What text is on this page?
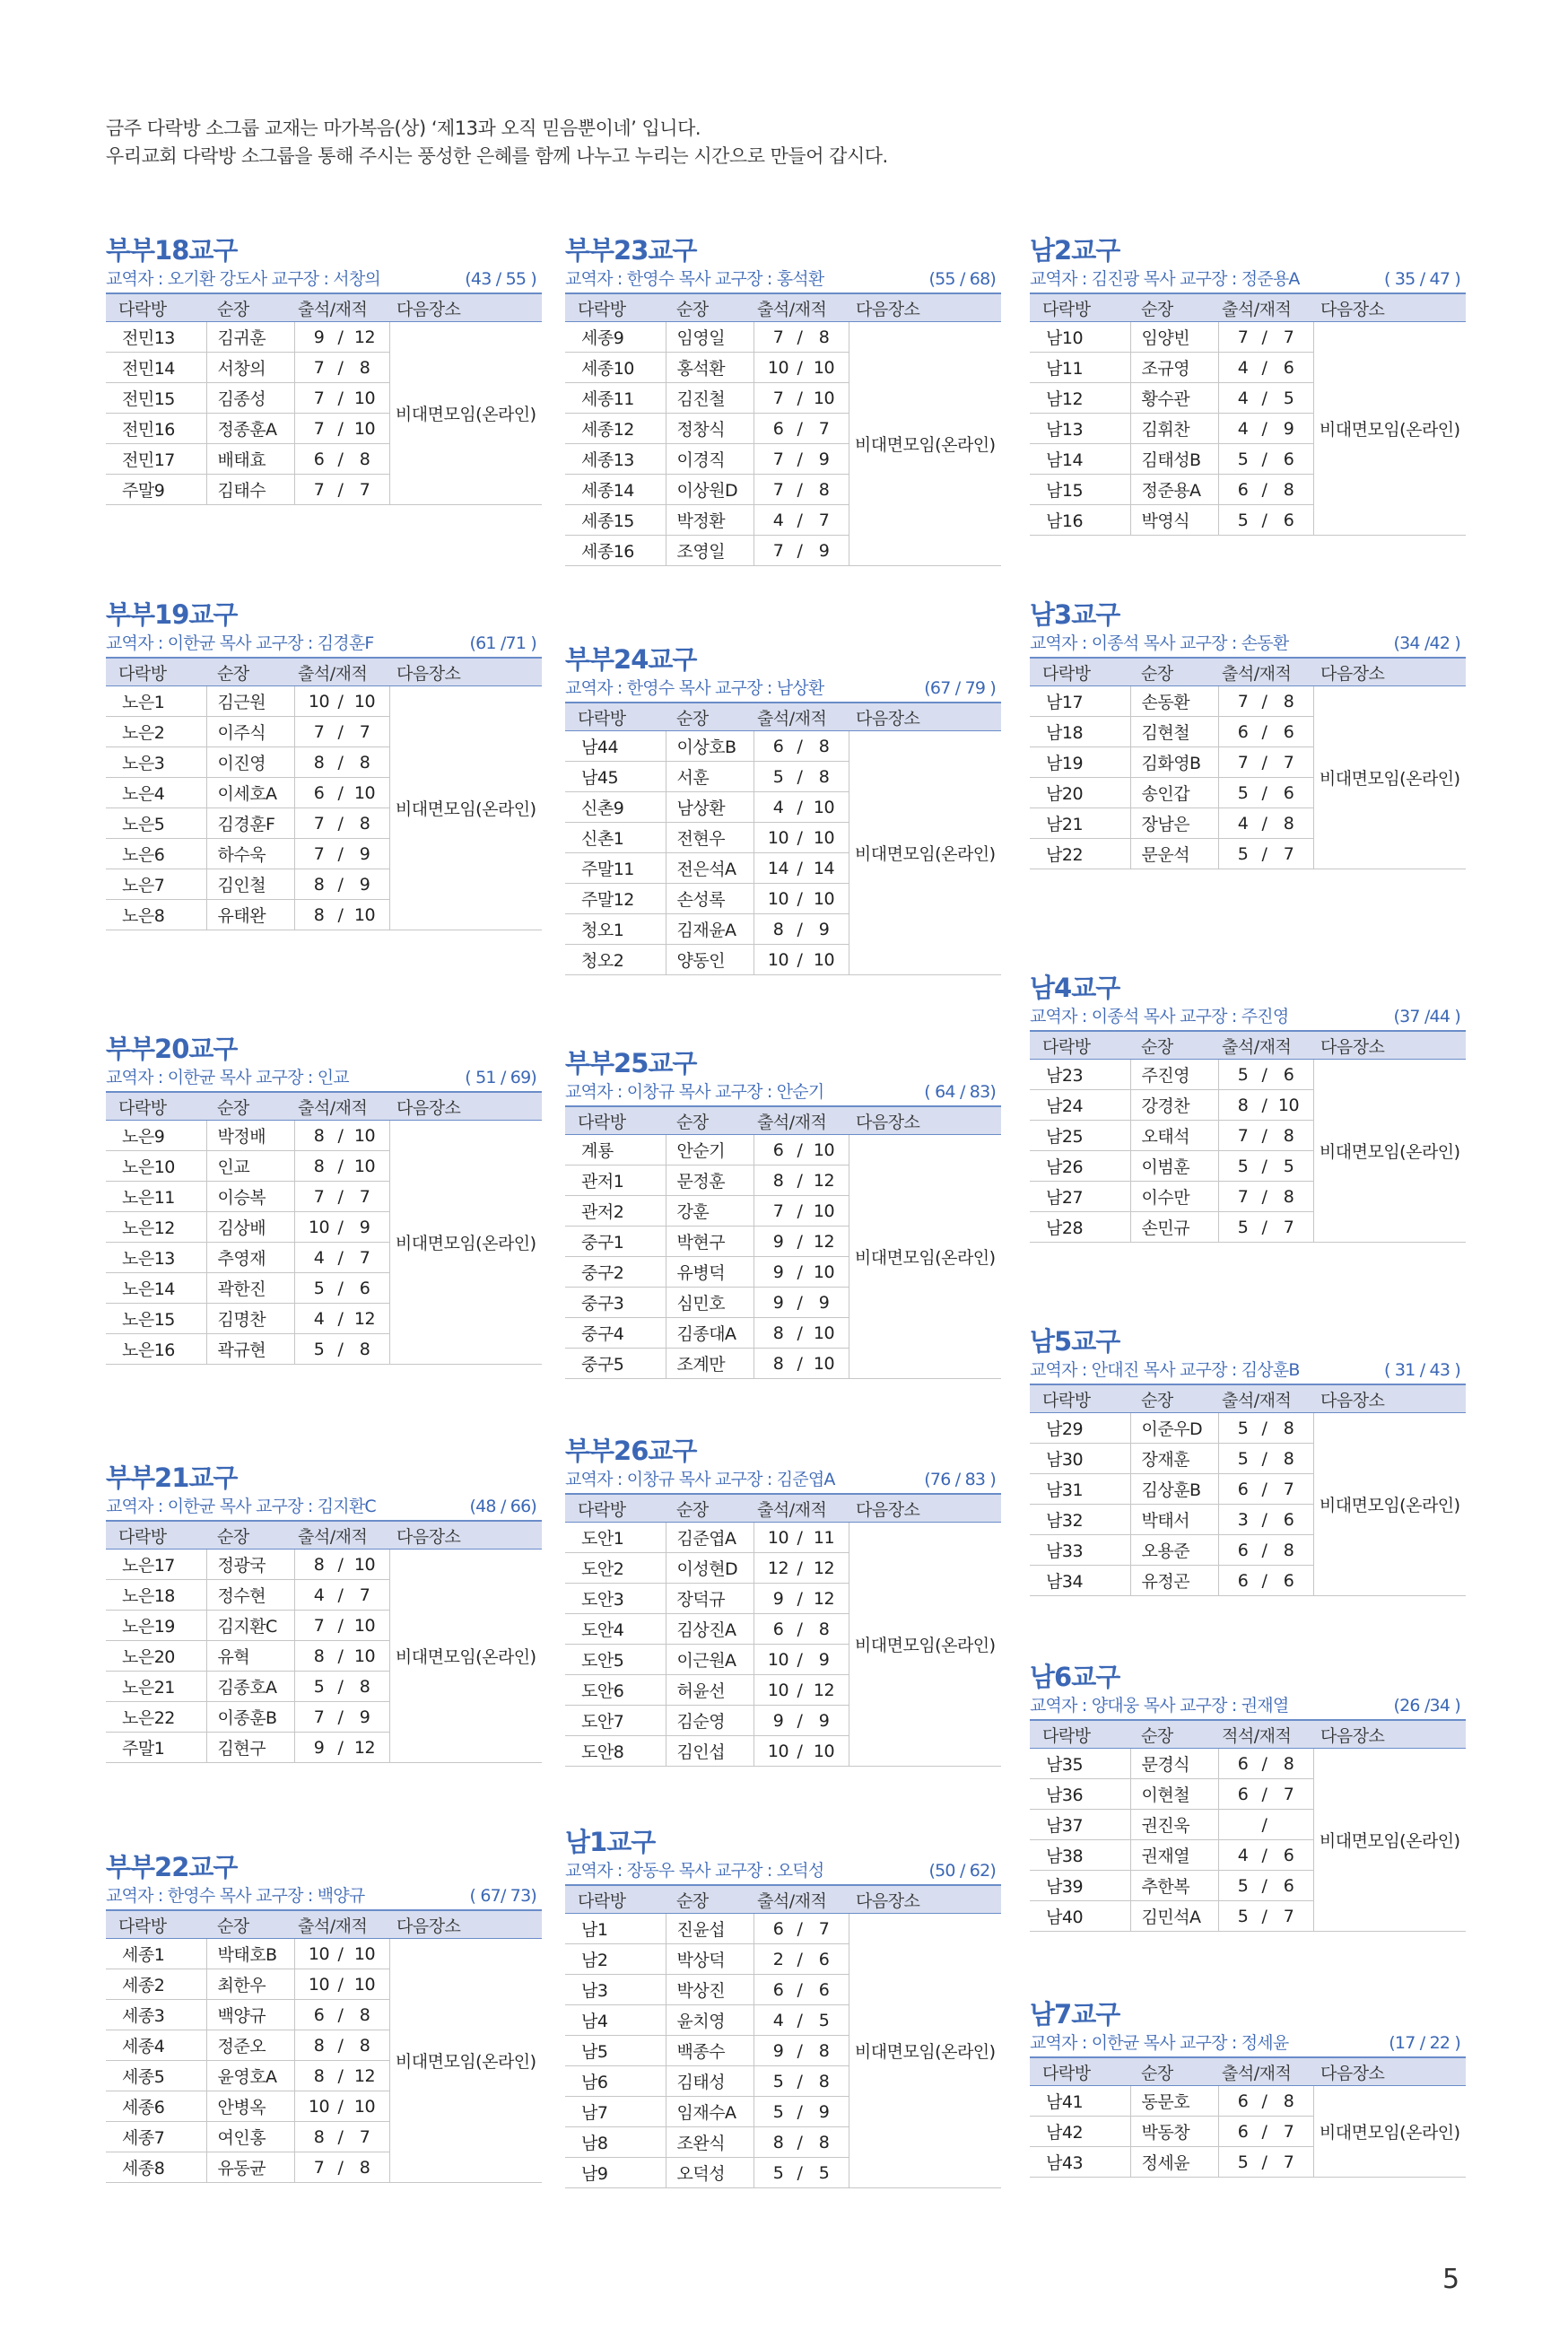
금주 다락방 소그룹 교재는 마가복음(상) ‘제13과 오직 믿음뿐이네’ 입니다.
우리교회 다락방 소그룹을 통해 주시는 풍성한 은혜를 함께 나누고 누리는 시간으로 만들어 갑시다.
부부18교구
교역자 : 오기환 강도사 교구장 : 서창의	(43 / 55 )
다락방	순장	출석/재적	다음장소
전민13	김귀훈	9 / 12	비대면모임(온라인)
전민14	서창의	7 / 8	

전민15	김종성	7 / 10	

전민16	정종훈A	7 / 10	

전민17	배태효	6 / 8	

주말9	김태수	7 / 7	
부부19교구
교역자 : 이한균 목사 교구장 : 김경훈F	(61 /71 )
다락방	순장	출석/재적	다음장소
노은1	김근원	10 / 10	비대면모임(온라인)
노은2	이주식	7 / 7	

노은3	이진영	8 / 8	

노은4	이세호A	6 / 10	

노은5	김경훈F	7 / 8	

노은6	하수욱	7 / 9	

노은7	김인철	8 / 9	

노은8	유태완	8 / 10	
부부20교구
교역자 : 이한균 목사 교구장 : 인교	( 51 / 69)
다락방	순장	출석/재적	다음장소
노은9	박정배	8 / 10	비대면모임(온라인)
노은10	인교	8 / 10	

노은11	이승복	7 / 7	

노은12	김상배	10 / 9	

노은13	추영재	4 / 7	

노은14	곽한진	5 / 6	

노은15	김명찬	4 / 12	

노은16	곽규현	5 / 8	
부부21교구
교역자 : 이한균 목사 교구장 : 김지환C	(48 / 66)
다락방	순장	출석/재적	다음장소
노은17	정광국	8 / 10	비대면모임(온라인)
노은18	정수현	4 / 7	

노은19	김지환C	7 / 10	

노은20	유혁	8 / 10	

노은21	김종호A	5 / 8	

노은22	이종훈B	7 / 9	

주말1	김현구	9 / 12	
부부22교구
교역자 : 한영수 목사 교구장 : 백양규	( 67/ 73)
다락방	순장	출석/재적	다음장소
세종1	박태호B	10 / 10	비대면모임(온라인)
세종2	최한우	10 / 10	

세종3	백양규	6 / 8	

세종4	정준오	8 / 8	

세종5	윤영호A	8 / 12	

세종6	안병옥	10 / 10	

세종7	여인홍	8 / 7	

세종8	유동균	7 / 8	
부부23교구
교역자 : 한영수 목사 교구장 : 홍석환	(55 / 68)
다락방	순장	출석/재적	다음장소
세종9	임영일	7 / 8	비대면모임(온라인)
세종10	홍석환	10 / 10	

세종11	김진철	7 / 10	

세종12	정창식	6 / 7	

세종13	이경직	7 / 9	

세종14	이상원D	7 / 8	

세종15	박정환	4 / 7	

세종16	조영일	7 / 9	
부부24교구
교역자 : 한영수 목사 교구장 : 남상환	(67 / 79 )
다락방	순장	출석/재적	다음장소
남44	이상호B	6 / 8	비대면모임(온라인)
남45	서훈	5 / 8	

신촌9	남상환	4 / 10	

신촌1	전현우	10 / 10	

주말11	전은석A	14 / 14	

주말12	손성록	10 / 10	

청오1	김재윤A	8 / 9	

청오2	양동인	10 / 10	
부부25교구
교역자 : 이창규 목사 교구장 : 안순기	( 64 / 83)
다락방	순장	출석/재적	다음장소
계룡	안순기	6 / 10	비대면모임(온라인)
관저1	문정훈	8 / 12	

관저2	강훈	7 / 10	

중구1	박현구	9 / 12	

중구2	유병덕	9 / 10	

중구3	심민호	9 / 9	

중구4	김종대A	8 / 10	

중구5	조계만	8 / 10	
부부26교구
교역자 : 이창규 목사 교구장 : 김준엽A	(76 / 83 )
다락방	순장	출석/재적	다음장소
도안1	김준엽A	10 / 11	비대면모임(온라인)
도안2	이성현D	12 / 12	

도안3	장덕규	9 / 12	

도안4	김상진A	6 / 8	

도안5	이근원A	10 / 9	

도안6	허윤선	10 / 12	

도안7	김순영	9 / 9	

도안8	김인섭	10 / 10	
남1교구
교역자 : 장동우 목사 교구장 : 오덕성	(50 / 62)
다락방	순장	출석/재적	다음장소
남1	진윤섭	6 / 7	비대면모임(온라인)
남2	박상덕	2 / 6	

남3	박상진	6 / 6	

남4	윤치영	4 / 5	

남5	백종수	9 / 8	

남6	김태성	5 / 8	

남7	임재수A	5 / 9	

남8	조완식	8 / 8	

남9	오덕성	5 / 5	
남2교구
교역자 : 김진광 목사 교구장 : 정준용A	( 35 / 47 )
다락방	순장	출석/재적	다음장소
남10	임양빈	7 / 7	비대면모임(온라인)
남11	조규영	4 / 6	

남12	황수관	4 / 5	

남13	김휘찬	4 / 9	

남14	김태성B	5 / 6	

남15	정준용A	6 / 8	

남16	박영식	5 / 6	
남3교구
교역자 : 이종석 목사 교구장 : 손동환	(34 /42 )
다락방	순장	출석/재적	다음장소
남17	손동환	7 / 8	비대면모임(온라인)
남18	김현철	6 / 6	

남19	김화영B	7 / 7	

남20	송인갑	5 / 6	

남21	장남은	4 / 8	

남22	문운석	5 / 7	
남4교구
교역자 : 이종석 목사 교구장 : 주진영	(37 /44 )
다락방	순장	출석/재적	다음장소
남23	주진영	5 / 6	비대면모임(온라인)
남24	강경찬	8 / 10	

남25	오태석	7 / 8	

남26	이범훈	5 / 5	

남27	이수만	7 / 8	

남28	손민규	5 / 7	
남5교구
교역자 : 안대진 목사 교구장 : 김상훈B	( 31 / 43 )
다락방	순장	출석/재적	다음장소
남29	이준우D	5 / 8	비대면모임(온라인)
남30	장재훈	5 / 8	

남31	김상훈B	6 / 7	

남32	박태서	3 / 6	

남33	오용준	6 / 8	

남34	유정곤	6 / 6	
남6교구
교역자 : 양대웅 목사 교구장 : 권재열	(26 /34 )
다락방	순장	적석/재적	다음장소
남35	문경식	6 / 8	비대면모임(온라인)
남36	이현철	6 / 7	

남37	권진욱	/	

남38	권재열	4 / 6	

남39	추한복	5 / 6	

남40	김민석A	5 / 7	
남7교구
교역자 : 이한균 목사 교구장 : 정세윤	(17 / 22 )
다락방	순장	출석/재적	다음장소
남41	동문호	6 / 8	비대면모임(온라인)
남42	박동창	6 / 7	

남43	정세윤	5 / 7	
5
